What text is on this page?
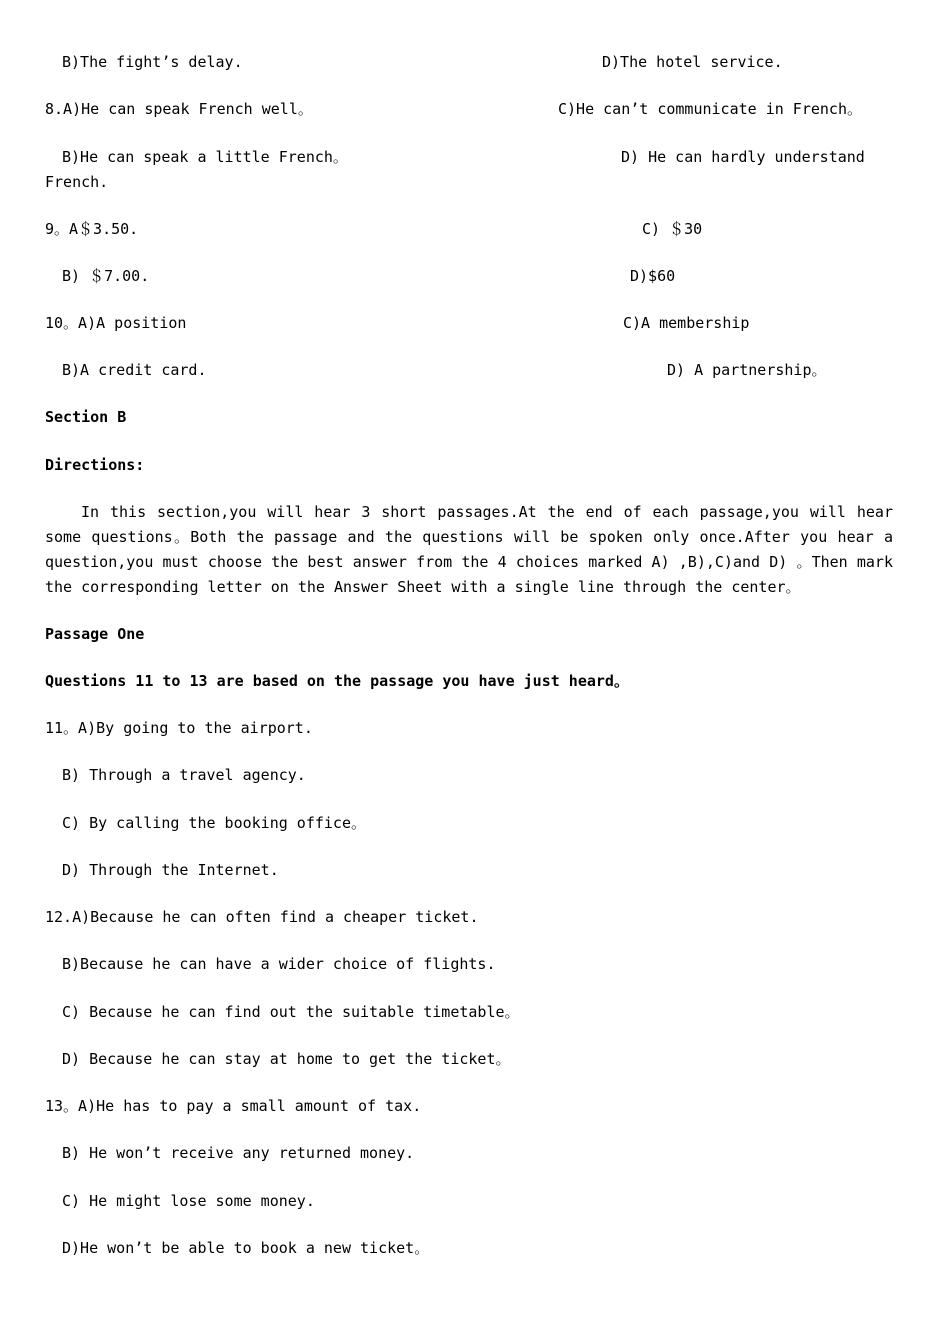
B)The fight’s delay.	D)The hotel service.
8.A)He can speak French well。	C)He can’t communicate in French。
B)He can speak a little French。	D) He can hardly understand
French.
9。A＄3.50.	C) ＄30
B) ＄7.00.	D)$60
10。A)A position	C)A membership
B)A credit card.	D) A partnership。
Section B
Directions:
In this section,you will hear 3 short passages.At the end of each passage,you will hear some questions。Both the passage and the questions will be spoken only once.After you hear a question,you must choose the best answer from the 4 choices marked A) ,B),C)and D) 。Then mark the corresponding letter on the Answer Sheet with a single line through the center。
Passage One
Questions 11 to 13 are based on the passage you have just heard。
11。A)By going to the airport.
B) Through a travel agency.
C) By calling the booking office。
D) Through the Internet.
12.A)Because he can often find a cheaper ticket.
B)Because he can have a wider choice of flights.
C) Because he can find out the suitable timetable。
D) Because he can stay at home to get the ticket。
13。A)He has to pay a small amount of tax.
B) He won’t receive any returned money.
C) He might lose some money.
D)He won’t be able to book a new ticket。
